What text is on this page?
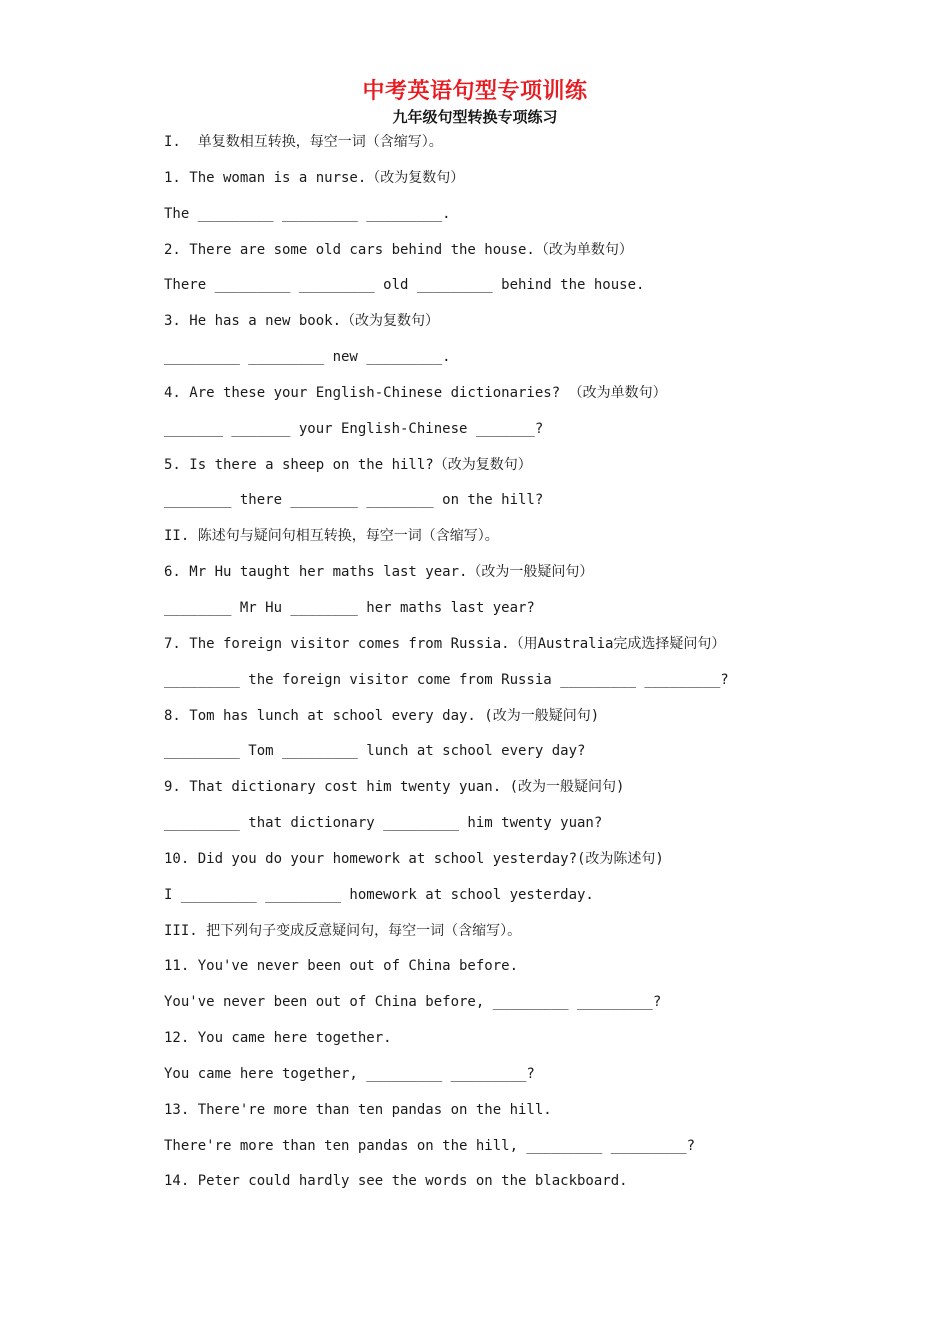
中考英语句型专项训练
九年级句型转换专项练习
I.  单复数相互转换，每空一词（含缩写）。
1. The woman is a nurse.（改为复数句）
The _________ _________ _________.
2. There are some old cars behind the house.（改为单数句）
There _________ _________ old _________ behind the house.
3. He has a new book.（改为复数句）
_________ _________ new _________.
4. Are these your English-Chinese dictionaries? （改为单数句）
_______ _______ your English-Chinese _______?
5. Is there a sheep on the hill?（改为复数句）
________ there ________ ________ on the hill?
II. 陈述句与疑问句相互转换，每空一词（含缩写）。
6. Mr Hu taught her maths last year.（改为一般疑问句）
________ Mr Hu ________ her maths last year?
7. The foreign visitor comes from Russia.（用Australia完成选择疑问句）
_________ the foreign visitor come from Russia _________ _________?
8. Tom has lunch at school every day. (改为一般疑问句)
_________ Tom _________ lunch at school every day?
9. That dictionary cost him twenty yuan. (改为一般疑问句)
_________ that dictionary _________ him twenty yuan?
10. Did you do your homework at school yesterday?(改为陈述句)
I _________ _________ homework at school yesterday.
III. 把下列句子变成反意疑问句，每空一词（含缩写）。
11. You've never been out of China before.
You've never been out of China before, _________ _________?
12. You came here together.
You came here together, _________ _________?
13. There're more than ten pandas on the hill.
There're more than ten pandas on the hill, _________ _________?
14. Peter could hardly see the words on the blackboard.
